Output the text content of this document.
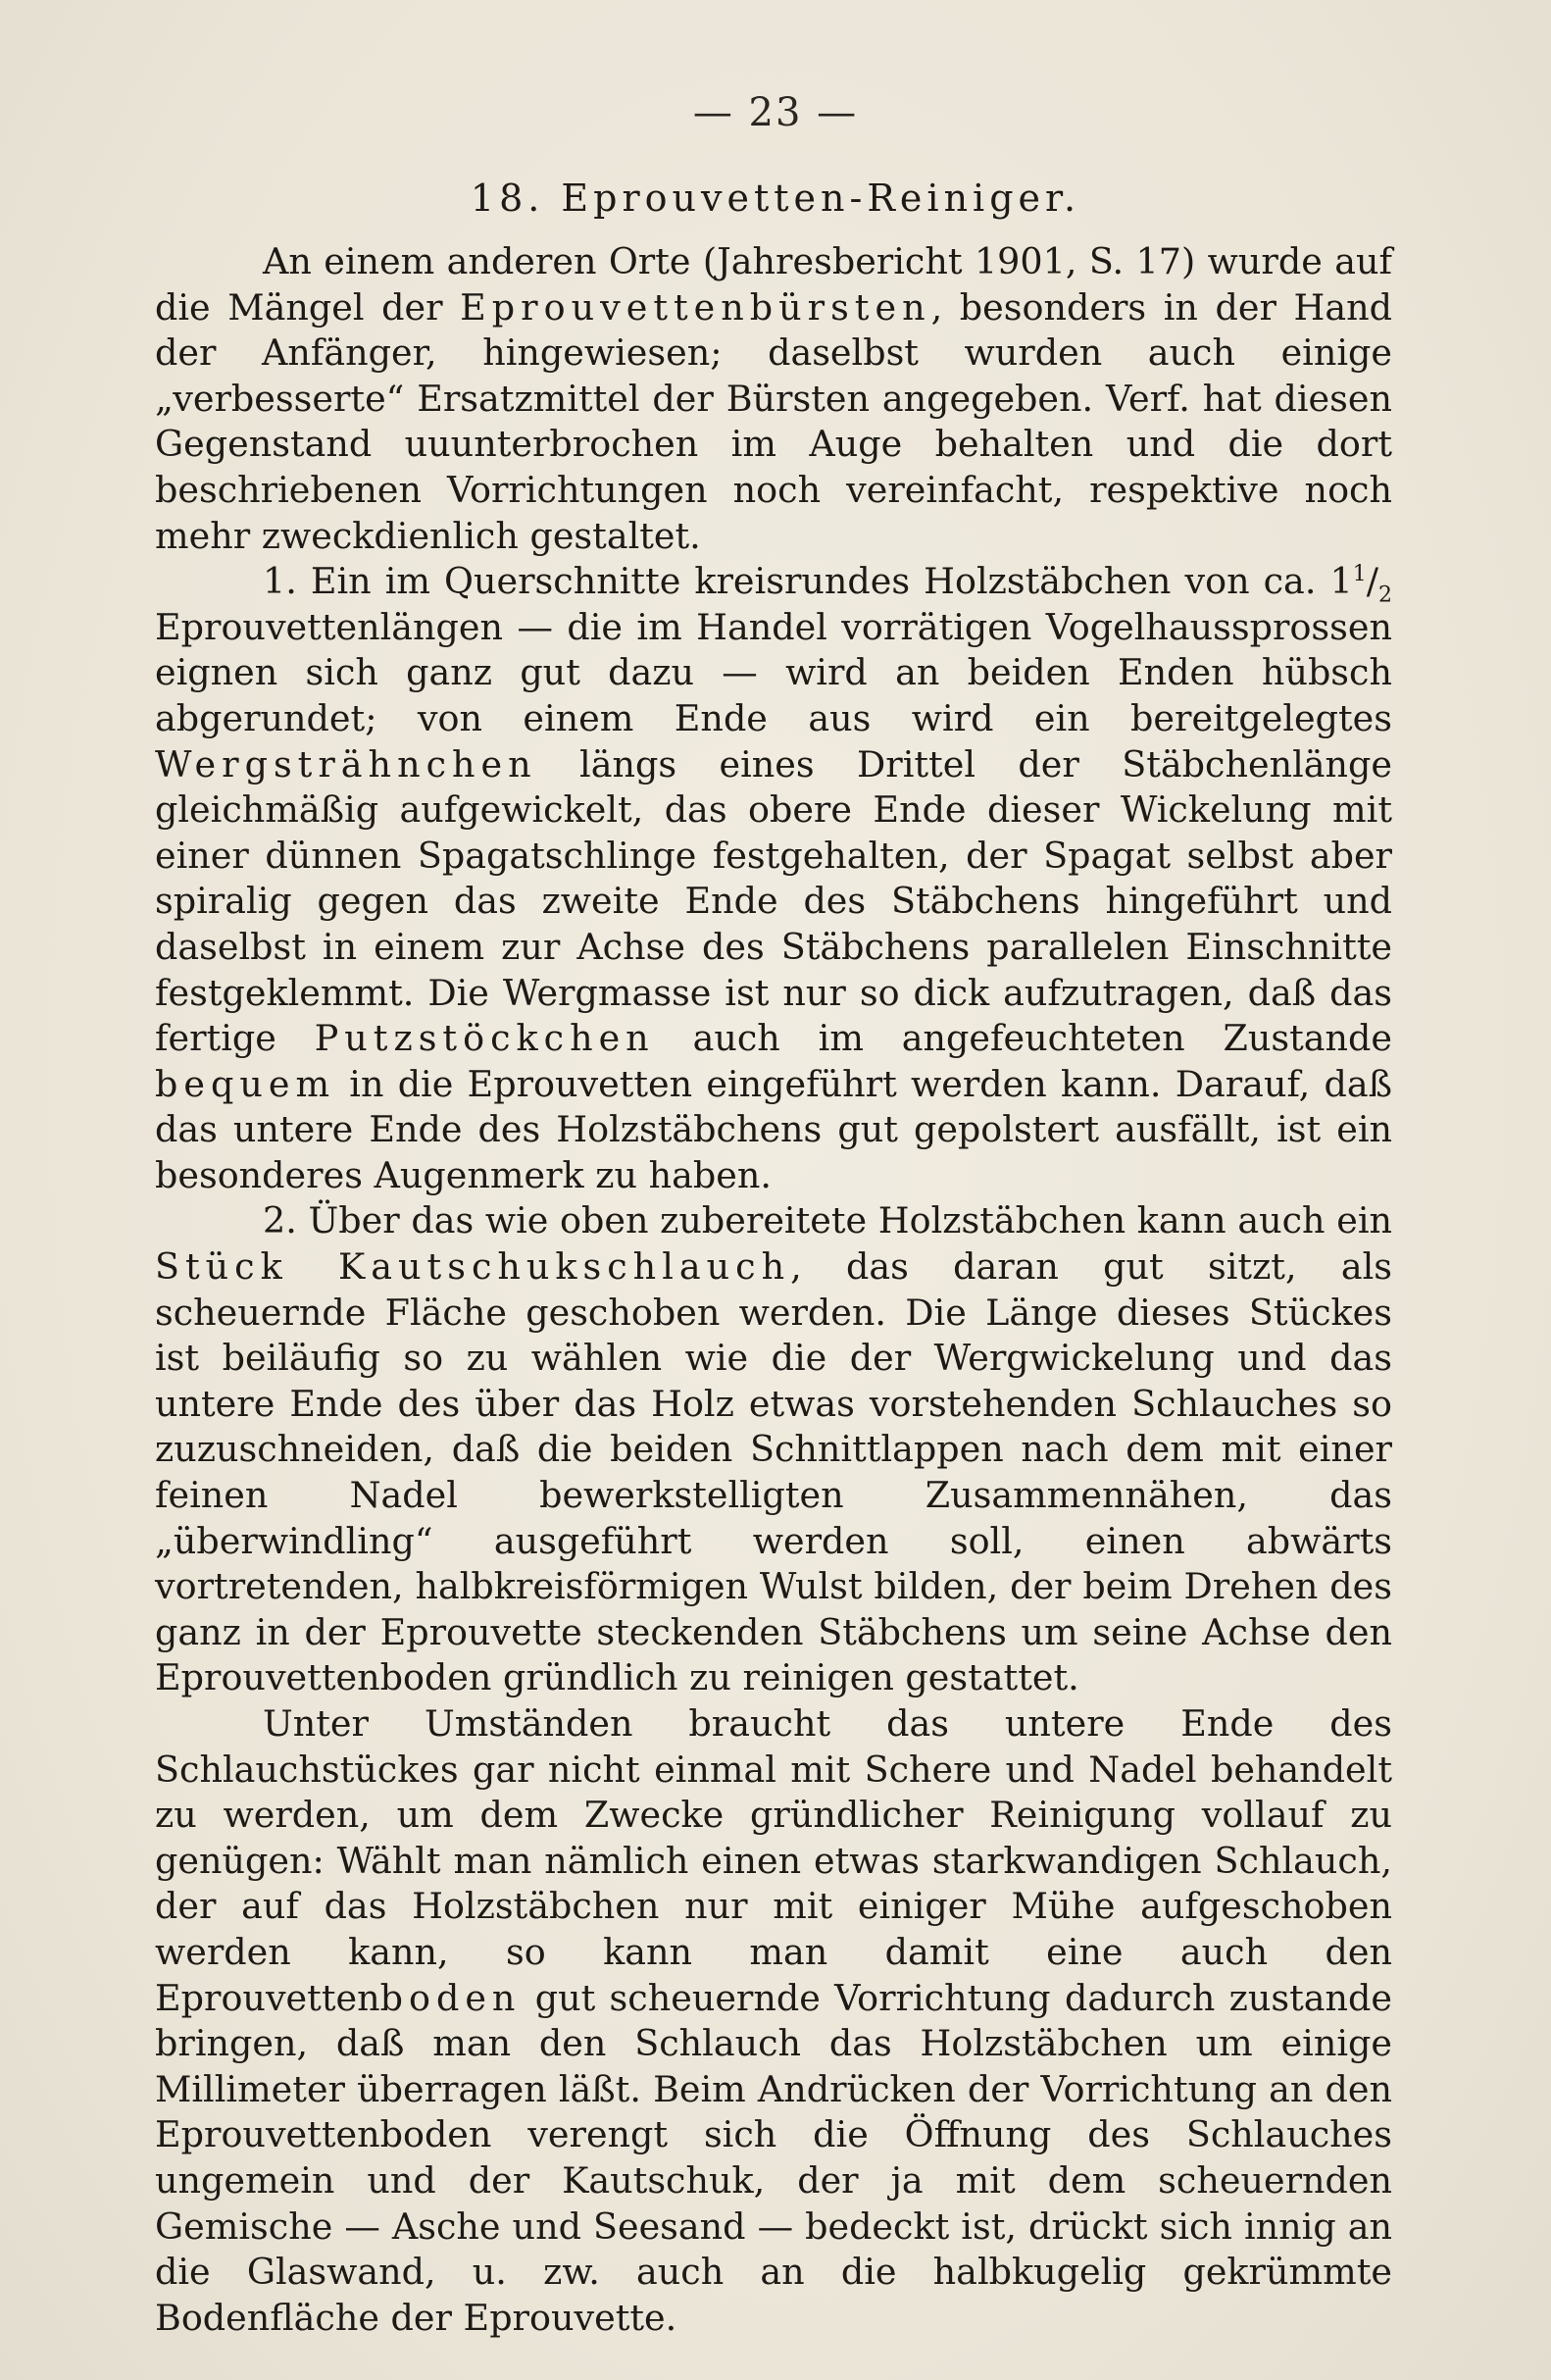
— 23 —
18. Eprouvetten-Reiniger.

An einem anderen Orte (Jahresbericht 1901, S. 17) wurde auf die Mängel der Eprouvettenbürsten, besonders in der Hand der Anfänger, hingewiesen; daselbst wurden auch einige „verbesserte“ Ersatzmittel der Bürsten angegeben. Verf. hat diesen Gegenstand uuunterbrochen im Auge behalten und die dort beschriebenen Vorrichtungen noch vereinfacht, respektive noch mehr zweckdienlich gestaltet.

1. Ein im Querschnitte kreisrundes Holzstäbchen von ca. $1^1/_2$ Eprouvettenlängen — die im Handel vorrätigen Vogelhaussprossen eignen sich ganz gut dazu — wird an beiden Enden hübsch abgerundet; von einem Ende aus wird ein bereitgelegtes Wergsträhnchen längs eines Drittel der Stäbchenlänge gleichmäßig aufgewickelt, das obere Ende dieser Wickelung mit einer dünnen Spagatschlinge festgehalten, der Spagat selbst aber spiralig gegen das zweite Ende des Stäbchens hingeführt und daselbst in einem zur Achse des Stäbchens parallelen Einschnitte festgeklemmt. Die Wergmasse ist nur so dick aufzutragen, daß das fertige Putzstöckchen auch im angefeuchteten Zustande bequem in die Eprouvetten eingeführt werden kann. Darauf, daß das untere Ende des Holzstäbchens gut gepolstert ausfällt, ist ein besonderes Augenmerk zu haben.

2. Über das wie oben zubereitete Holzstäbchen kann auch ein Stück Kautschukschlauch, das daran gut sitzt, als scheuernde Fläche geschoben werden. Die Länge dieses Stückes ist beiläufig so zu wählen wie die der Wergwickelung und das untere Ende des über das Holz etwas vorstehenden Schlauches so zuzuschneiden, daß die beiden Schnittlappen nach dem mit einer feinen Nadel bewerkstelligten Zusammennähen, das „überwindling“ ausgeführt werden soll, einen abwärts vortretenden, halbkreisförmigen Wulst bilden, der beim Drehen des ganz in der Eprouvette steckenden Stäbchens um seine Achse den Eprouvettenboden gründlich zu reinigen gestattet.

Unter Umständen braucht das untere Ende des Schlauchstückes gar nicht einmal mit Schere und Nadel behandelt zu werden, um dem Zwecke gründlicher Reinigung vollauf zu genügen: Wählt man nämlich einen etwas starkwandigen Schlauch, der auf das Holzstäbchen nur mit einiger Mühe aufgeschoben werden kann, so kann man damit eine auch den Eprouvettenboden gut scheuernde Vorrichtung dadurch zustande bringen, daß man den Schlauch das Holzstäbchen um einige Millimeter überragen läßt. Beim Andrücken der Vorrichtung an den Eprouvettenboden verengt sich die Öffnung des Schlauches ungemein und der Kautschuk, der ja mit dem scheuernden Gemische — Asche und Seesand — bedeckt ist, drückt sich innig an die Glaswand, u. zw. auch an die halbkugelig gekrümmte Bodenfläche der Eprouvette.
